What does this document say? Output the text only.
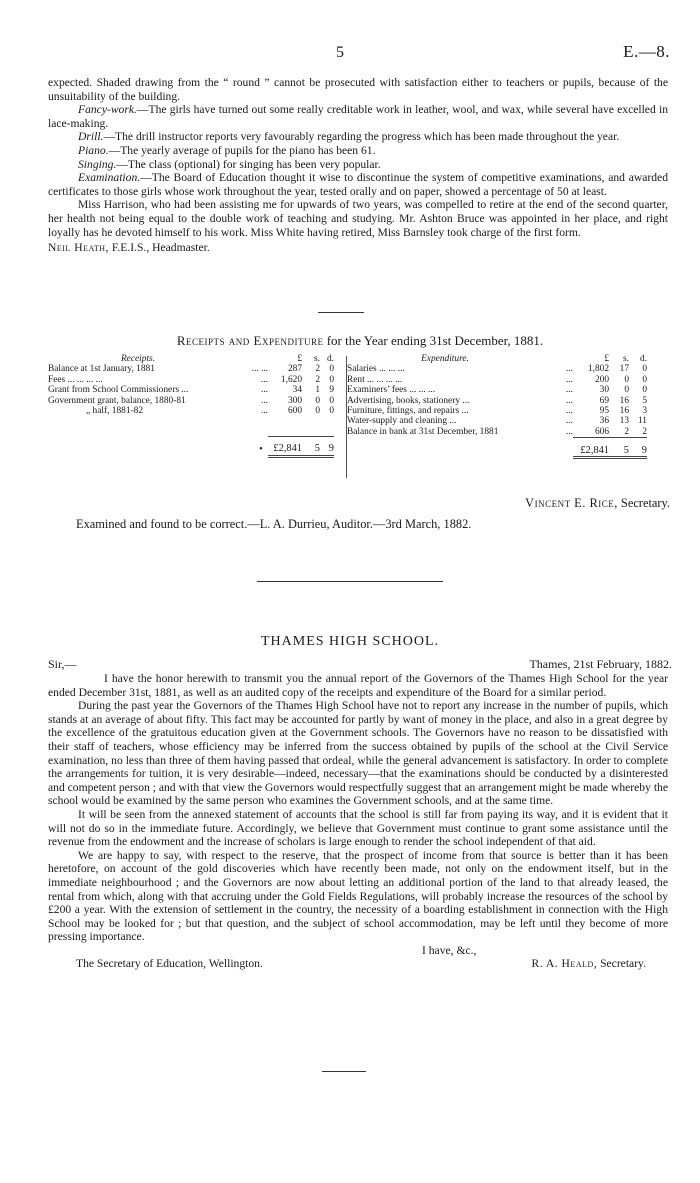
5	E.—8.

expected. Shaded drawing from the “ round ” cannot be prosecuted with satisfaction either to teachers or pupils, because of the unsuitability of the building.

Fancy-work.—The girls have turned out some really creditable work in leather, wool, and wax, while several have excelled in lace-making.

Drill.—The drill instructor reports very favourably regarding the progress which has been made throughout the year.

Piano.—The yearly average of pupils for the piano has been 61.

Singing.—The class (optional) for singing has been very popular.

Examination.—The Board of Education thought it wise to discontinue the system of competitive examinations, and awarded certificates to those girls whose work throughout the year, tested orally and on paper, showed a percentage of 50 at least.

Miss Harrison, who had been assisting me for upwards of two years, was compelled to retire at the end of the second quarter, her health not being equal to the double work of teaching and studying. Mr. Ashton Bruce was appointed in her place, and right loyally has he devoted himself to his work. Miss White having retired, Miss Barnsley took charge of the first form.

Neil Heath, F.E.I.S., Headmaster.

Receipts and Expenditure for the Year ending 31st December, 1881.
Receipts.		£	s.	d.
Balance at 1st January, 1881	... ...	287	2	0
Fees ... ... ... ...	...	1,620	2	0
Grant from School Commissioners ...	...	34	1	9
Government grant, balance, 1880-81	...	300	0	0
„ half, 1881-82	...	600	0	0

	•	£2,841	5	9
Expenditure.		£	s.	d.
Salaries ... ... ...	...	1,802	17	0
Rent ... ... ... ...	...	200	0	0
Examiners’ fees ... ... ...	...	30	0	0
Advertising, books, stationery ...	...	69	16	5
Furniture, fittings, and repairs ...	...	95	16	3
Water-supply and cleaning ...	...	36	13	11
Balance in bank at 31st December, 1881	...	606	2	2

		£2,841	5	9
Vincent E. Rice, Secretary.
Examined and found to be correct.—L. A. Durrieu, Auditor.—3rd March, 1882.
THAMES HIGH SCHOOL.
Sir,—	Thames, 21st February, 1882.

I have the honor herewith to transmit you the annual report of the Governors of the Thames High School for the year ended December 31st, 1881, as well as an audited copy of the receipts and expenditure of the Board for a similar period.

During the past year the Governors of the Thames High School have not to report any increase in the number of pupils, which stands at an average of about fifty. This fact may be accounted for partly by want of money in the place, and also in a great degree by the excellence of the gratuitous education given at the Government schools. The Governors have no reason to be dissatisfied with their staff of teachers, whose efficiency may be inferred from the success obtained by pupils of the school at the Civil Service examination, no less than three of them having passed that ordeal, while the general advancement is satisfactory. In order to complete the arrangements for tuition, it is very desirable—indeed, necessary—that the examinations should be conducted by a disinterested and competent person ; and with that view the Governors would respectfully suggest that an arrangement might be made whereby the school would be examined by the same person who examines the Government schools, and at the same time.

It will be seen from the annexed statement of accounts that the school is still far from paying its way, and it is evident that it will not do so in the immediate future. Accordingly, we believe that Government must continue to grant some assistance until the revenue from the endowment and the increase of scholars is large enough to render the school independent of that aid.

We are happy to say, with respect to the reserve, that the prospect of income from that source is better than it has been heretofore, on account of the gold discoveries which have recently been made, not only on the endowment itself, but in the immediate neighbourhood ; and the Governors are now about letting an additional portion of the land to that already leased, the rental from which, along with that accruing under the Gold Fields Regulations, will probably increase the resources of the school by £200 a year. With the extension of settlement in the country, the necessity of a boarding establishment in connection with the High School may be looked for ; but that question, and the subject of school accommodation, may be left until they become of more pressing importance.

I have, &c.,

The Secretary of Education, Wellington.	R. A. Heald, Secretary.
